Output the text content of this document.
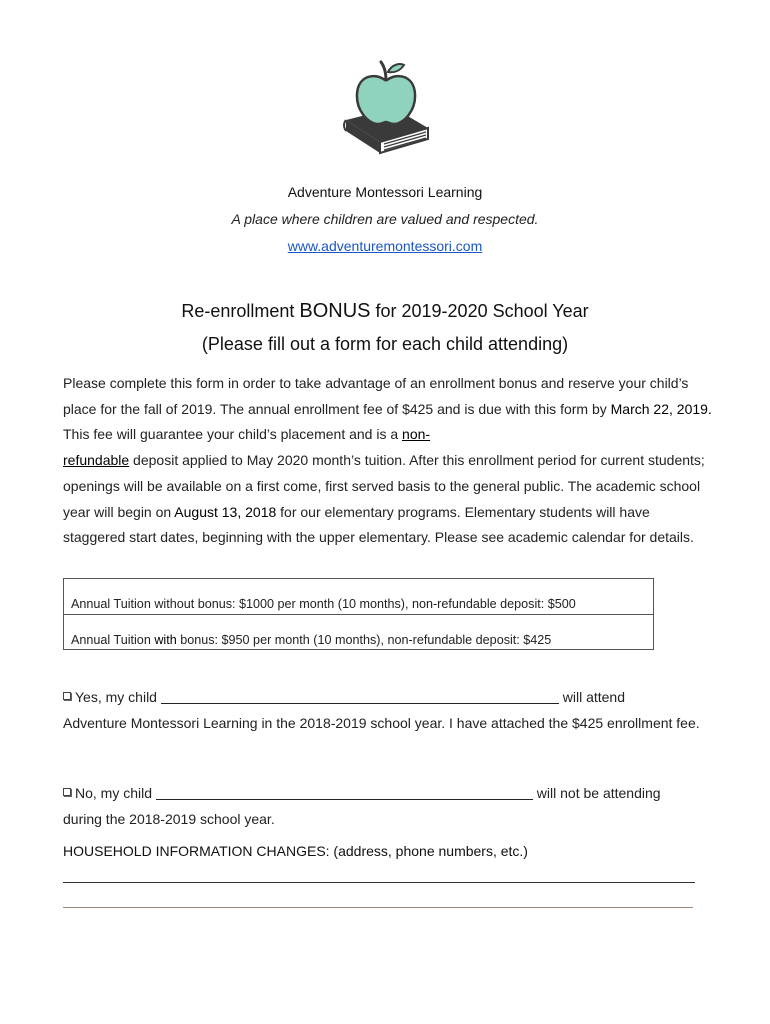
Adventure Montessori Learning
A place where children are valued and respected.
www.adventuremontessori.com
Re-enrollment BONUS for 2019-2020 School Year
(Please fill out a form for each child attending)
Please complete this form in order to take advantage of an enrollment bonus and reserve your child’s place for the fall of 2019. The annual enrollment fee of $425 and is due with this form by March 22, 2019. This fee will guarantee your child’s placement and is a non-
refundable deposit applied to May 2020 month’s tuition. After this enrollment period for current students; openings will be available on a first come, first served basis to the general public. The academic school year will begin on August 13, 2018 for our elementary programs. Elementary students will have staggered start dates, beginning with the upper elementary. Please see academic calendar for details.
Annual Tuition without bonus: $1000 per month (10 months), non-refundable deposit: $500
Annual Tuition with bonus: $950 per month (10 months), non-refundable deposit: $425
Yes, my child	will attend
Adventure Montessori Learning in the 2018-2019 school year. I have attached the $425 enrollment fee.
No, my child	will not be attending
during the 2018-2019 school year.
HOUSEHOLD INFORMATION CHANGES: (address, phone numbers, etc.)
